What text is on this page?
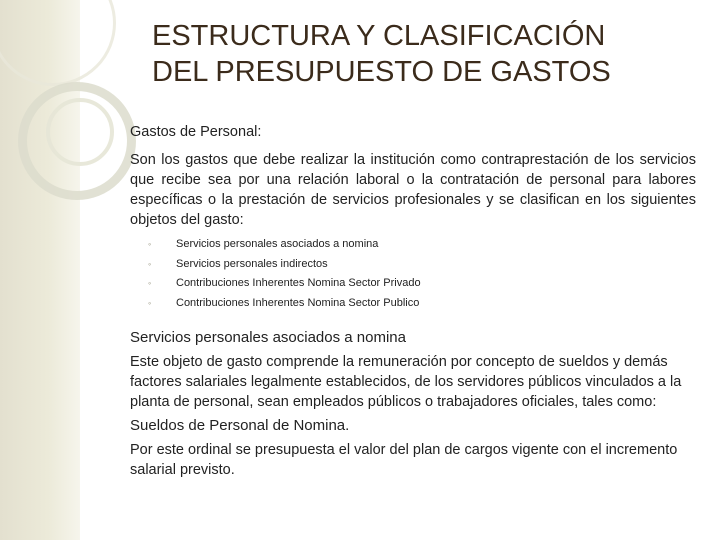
ESTRUCTURA Y CLASIFICACIÓN
DEL PRESUPUESTO DE GASTOS

Gastos de Personal:

Son los gastos que debe realizar la institución como contraprestación de los servicios que recibe sea por una relación laboral o la contratación de personal para labores específicas o la prestación de servicios profesionales y se clasifican en los siguientes objetos del gasto:

◦ Servicios personales asociados a nomina
◦ Servicios personales indirectos
◦ Contribuciones Inherentes Nomina Sector Privado
◦ Contribuciones Inherentes Nomina Sector Publico

Servicios personales asociados a nomina

Este objeto de gasto comprende la remuneración por concepto de sueldos y demás factores salariales legalmente establecidos, de los servidores públicos vinculados a la planta de personal, sean empleados públicos o trabajadores oficiales, tales como:

Sueldos de Personal de Nomina.

Por este ordinal se presupuesta el valor del plan de cargos vigente con el incremento salarial previsto.
